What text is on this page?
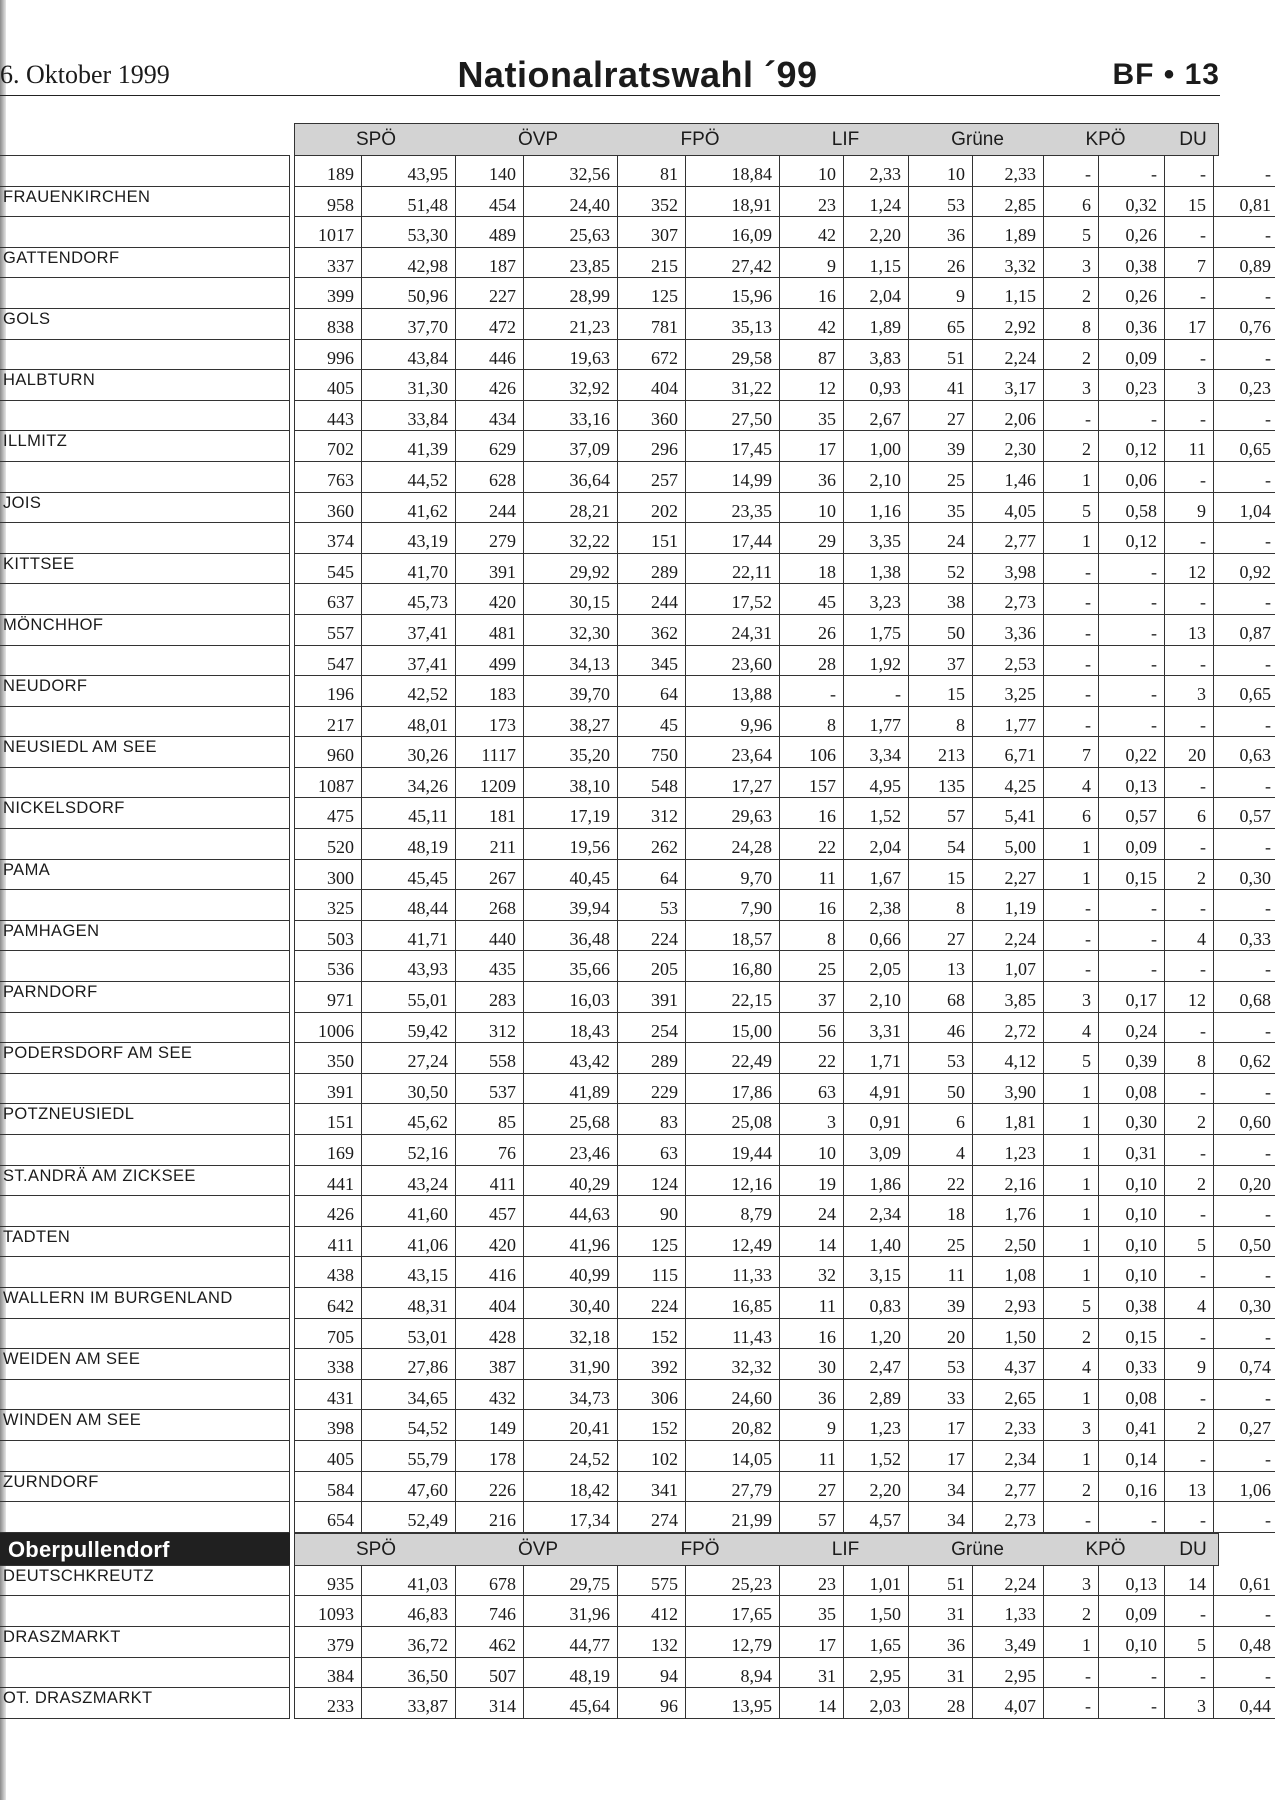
6. Oktober 1999	Nationalratswahl ´99	BF • 13
SPÖ	ÖVP	FPÖ	LIF	Grüne	KPÖ	DU
189	43,95	140	32,56	81	18,84	10	2,33	10	2,33	-	-	-	-
FRAUENKIRCHEN	958	51,48	454	24,40	352	18,91	23	1,24	53	2,85	6	0,32	15	0,81
1017	53,30	489	25,63	307	16,09	42	2,20	36	1,89	5	0,26	-	-
GATTENDORF	337	42,98	187	23,85	215	27,42	9	1,15	26	3,32	3	0,38	7	0,89
399	50,96	227	28,99	125	15,96	16	2,04	9	1,15	2	0,26	-	-
GOLS	838	37,70	472	21,23	781	35,13	42	1,89	65	2,92	8	0,36	17	0,76
996	43,84	446	19,63	672	29,58	87	3,83	51	2,24	2	0,09	-	-
HALBTURN	405	31,30	426	32,92	404	31,22	12	0,93	41	3,17	3	0,23	3	0,23
443	33,84	434	33,16	360	27,50	35	2,67	27	2,06	-	-	-	-
ILLMITZ	702	41,39	629	37,09	296	17,45	17	1,00	39	2,30	2	0,12	11	0,65
763	44,52	628	36,64	257	14,99	36	2,10	25	1,46	1	0,06	-	-
JOIS	360	41,62	244	28,21	202	23,35	10	1,16	35	4,05	5	0,58	9	1,04
374	43,19	279	32,22	151	17,44	29	3,35	24	2,77	1	0,12	-	-
KITTSEE	545	41,70	391	29,92	289	22,11	18	1,38	52	3,98	-	-	12	0,92
637	45,73	420	30,15	244	17,52	45	3,23	38	2,73	-	-	-	-
MÖNCHHOF	557	37,41	481	32,30	362	24,31	26	1,75	50	3,36	-	-	13	0,87
547	37,41	499	34,13	345	23,60	28	1,92	37	2,53	-	-	-	-
NEUDORF	196	42,52	183	39,70	64	13,88	-	-	15	3,25	-	-	3	0,65
217	48,01	173	38,27	45	9,96	8	1,77	8	1,77	-	-	-	-
NEUSIEDL AM SEE	960	30,26	1117	35,20	750	23,64	106	3,34	213	6,71	7	0,22	20	0,63
1087	34,26	1209	38,10	548	17,27	157	4,95	135	4,25	4	0,13	-	-
NICKELSDORF	475	45,11	181	17,19	312	29,63	16	1,52	57	5,41	6	0,57	6	0,57
520	48,19	211	19,56	262	24,28	22	2,04	54	5,00	1	0,09	-	-
PAMA	300	45,45	267	40,45	64	9,70	11	1,67	15	2,27	1	0,15	2	0,30
325	48,44	268	39,94	53	7,90	16	2,38	8	1,19	-	-	-	-
PAMHAGEN	503	41,71	440	36,48	224	18,57	8	0,66	27	2,24	-	-	4	0,33
536	43,93	435	35,66	205	16,80	25	2,05	13	1,07	-	-	-	-
PARNDORF	971	55,01	283	16,03	391	22,15	37	2,10	68	3,85	3	0,17	12	0,68
1006	59,42	312	18,43	254	15,00	56	3,31	46	2,72	4	0,24	-	-
PODERSDORF AM SEE	350	27,24	558	43,42	289	22,49	22	1,71	53	4,12	5	0,39	8	0,62
391	30,50	537	41,89	229	17,86	63	4,91	50	3,90	1	0,08	-	-
POTZNEUSIEDL	151	45,62	85	25,68	83	25,08	3	0,91	6	1,81	1	0,30	2	0,60
169	52,16	76	23,46	63	19,44	10	3,09	4	1,23	1	0,31	-	-
ST.ANDRÄ AM ZICKSEE	441	43,24	411	40,29	124	12,16	19	1,86	22	2,16	1	0,10	2	0,20
426	41,60	457	44,63	90	8,79	24	2,34	18	1,76	1	0,10	-	-
TADTEN	411	41,06	420	41,96	125	12,49	14	1,40	25	2,50	1	0,10	5	0,50
438	43,15	416	40,99	115	11,33	32	3,15	11	1,08	1	0,10	-	-
WALLERN IM BURGENLAND	642	48,31	404	30,40	224	16,85	11	0,83	39	2,93	5	0,38	4	0,30
705	53,01	428	32,18	152	11,43	16	1,20	20	1,50	2	0,15	-	-
WEIDEN AM SEE	338	27,86	387	31,90	392	32,32	30	2,47	53	4,37	4	0,33	9	0,74
431	34,65	432	34,73	306	24,60	36	2,89	33	2,65	1	0,08	-	-
WINDEN AM SEE	398	54,52	149	20,41	152	20,82	9	1,23	17	2,33	3	0,41	2	0,27
405	55,79	178	24,52	102	14,05	11	1,52	17	2,34	1	0,14	-	-
ZURNDORF	584	47,60	226	18,42	341	27,79	27	2,20	34	2,77	2	0,16	13	1,06
654	52,49	216	17,34	274	21,99	57	4,57	34	2,73	-	-	-	-
Oberpullendorf	SPÖ	ÖVP	FPÖ	LIF	Grüne	KPÖ	DU
DEUTSCHKREUTZ	935	41,03	678	29,75	575	25,23	23	1,01	51	2,24	3	0,13	14	0,61
1093	46,83	746	31,96	412	17,65	35	1,50	31	1,33	2	0,09	-	-
DRASZMARKT	379	36,72	462	44,77	132	12,79	17	1,65	36	3,49	1	0,10	5	0,48
384	36,50	507	48,19	94	8,94	31	2,95	31	2,95	-	-	-	-
OT. DRASZMARKT	233	33,87	314	45,64	96	13,95	14	2,03	28	4,07	-	-	3	0,44
